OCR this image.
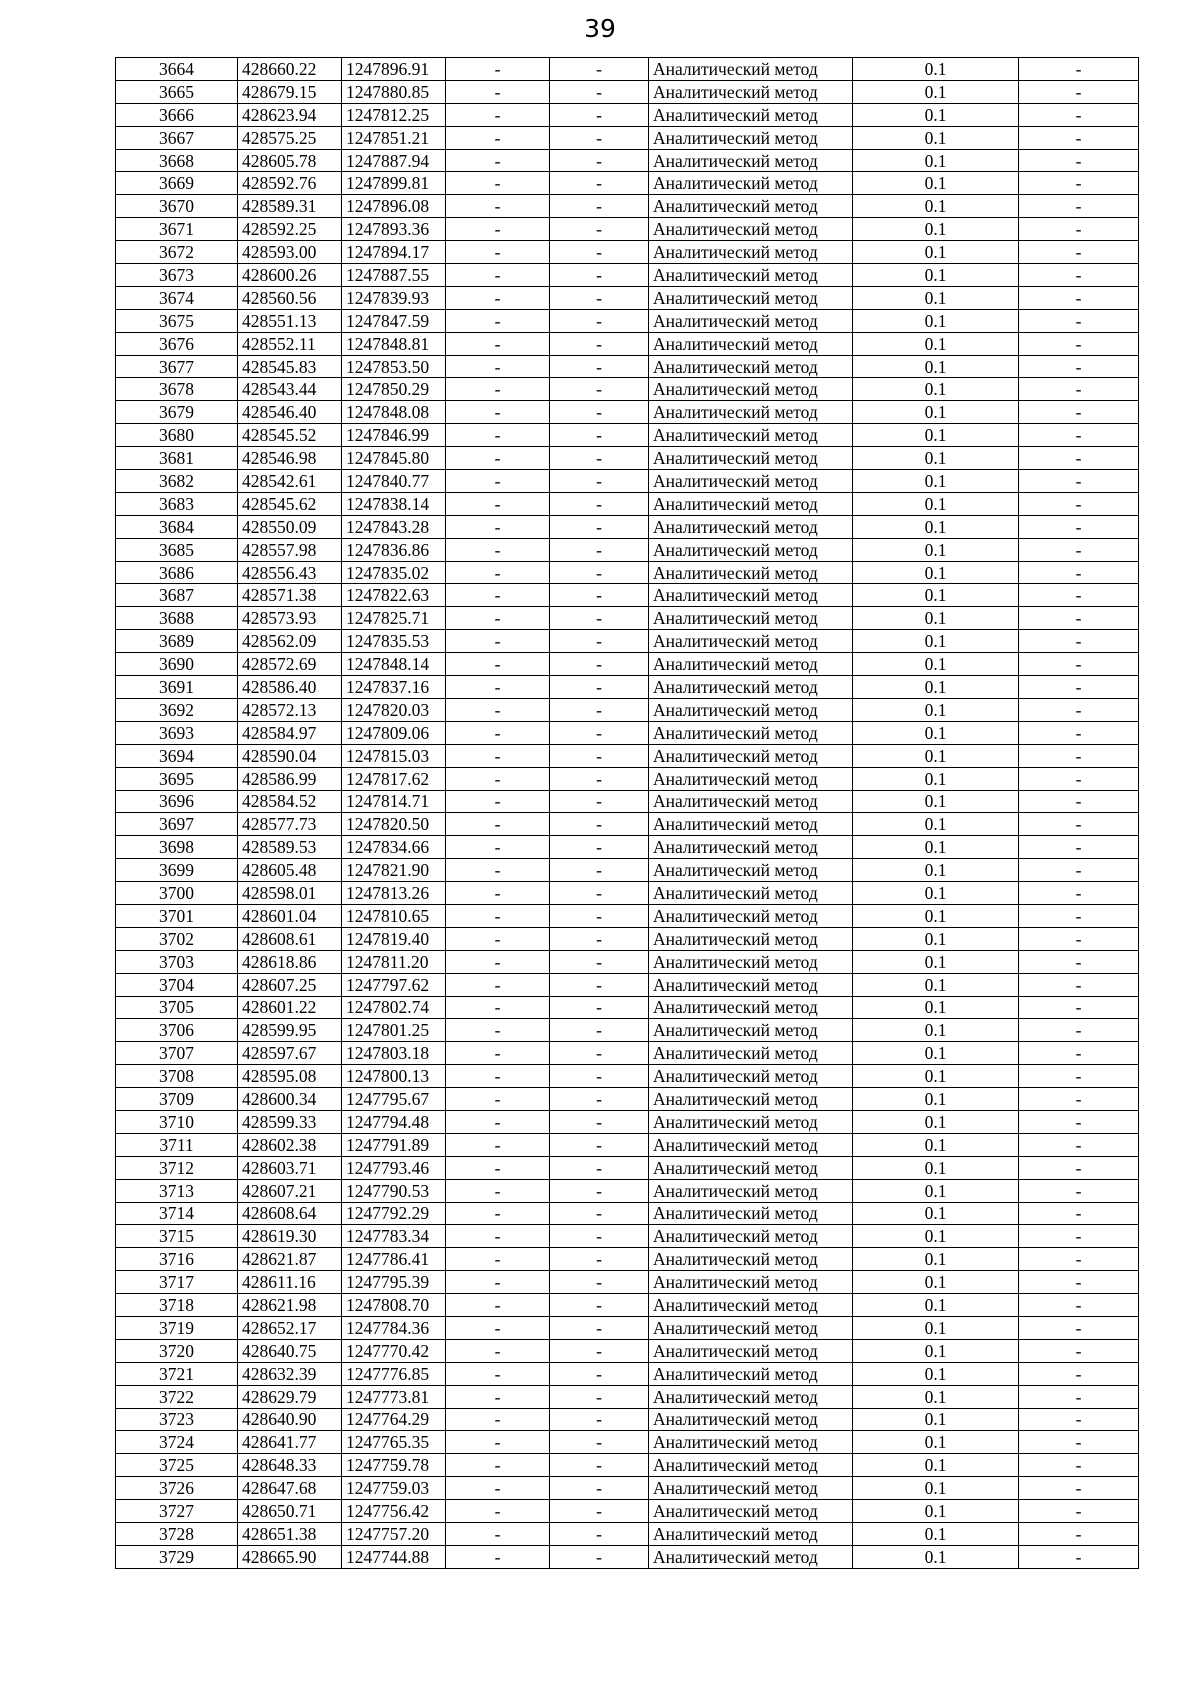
39
3664	428660.22	1247896.91	-	-	Аналитический метод	0.1	-
3665	428679.15	1247880.85	-	-	Аналитический метод	0.1	-
3666	428623.94	1247812.25	-	-	Аналитический метод	0.1	-
3667	428575.25	1247851.21	-	-	Аналитический метод	0.1	-
3668	428605.78	1247887.94	-	-	Аналитический метод	0.1	-
3669	428592.76	1247899.81	-	-	Аналитический метод	0.1	-
3670	428589.31	1247896.08	-	-	Аналитический метод	0.1	-
3671	428592.25	1247893.36	-	-	Аналитический метод	0.1	-
3672	428593.00	1247894.17	-	-	Аналитический метод	0.1	-
3673	428600.26	1247887.55	-	-	Аналитический метод	0.1	-
3674	428560.56	1247839.93	-	-	Аналитический метод	0.1	-
3675	428551.13	1247847.59	-	-	Аналитический метод	0.1	-
3676	428552.11	1247848.81	-	-	Аналитический метод	0.1	-
3677	428545.83	1247853.50	-	-	Аналитический метод	0.1	-
3678	428543.44	1247850.29	-	-	Аналитический метод	0.1	-
3679	428546.40	1247848.08	-	-	Аналитический метод	0.1	-
3680	428545.52	1247846.99	-	-	Аналитический метод	0.1	-
3681	428546.98	1247845.80	-	-	Аналитический метод	0.1	-
3682	428542.61	1247840.77	-	-	Аналитический метод	0.1	-
3683	428545.62	1247838.14	-	-	Аналитический метод	0.1	-
3684	428550.09	1247843.28	-	-	Аналитический метод	0.1	-
3685	428557.98	1247836.86	-	-	Аналитический метод	0.1	-
3686	428556.43	1247835.02	-	-	Аналитический метод	0.1	-
3687	428571.38	1247822.63	-	-	Аналитический метод	0.1	-
3688	428573.93	1247825.71	-	-	Аналитический метод	0.1	-
3689	428562.09	1247835.53	-	-	Аналитический метод	0.1	-
3690	428572.69	1247848.14	-	-	Аналитический метод	0.1	-
3691	428586.40	1247837.16	-	-	Аналитический метод	0.1	-
3692	428572.13	1247820.03	-	-	Аналитический метод	0.1	-
3693	428584.97	1247809.06	-	-	Аналитический метод	0.1	-
3694	428590.04	1247815.03	-	-	Аналитический метод	0.1	-
3695	428586.99	1247817.62	-	-	Аналитический метод	0.1	-
3696	428584.52	1247814.71	-	-	Аналитический метод	0.1	-
3697	428577.73	1247820.50	-	-	Аналитический метод	0.1	-
3698	428589.53	1247834.66	-	-	Аналитический метод	0.1	-
3699	428605.48	1247821.90	-	-	Аналитический метод	0.1	-
3700	428598.01	1247813.26	-	-	Аналитический метод	0.1	-
3701	428601.04	1247810.65	-	-	Аналитический метод	0.1	-
3702	428608.61	1247819.40	-	-	Аналитический метод	0.1	-
3703	428618.86	1247811.20	-	-	Аналитический метод	0.1	-
3704	428607.25	1247797.62	-	-	Аналитический метод	0.1	-
3705	428601.22	1247802.74	-	-	Аналитический метод	0.1	-
3706	428599.95	1247801.25	-	-	Аналитический метод	0.1	-
3707	428597.67	1247803.18	-	-	Аналитический метод	0.1	-
3708	428595.08	1247800.13	-	-	Аналитический метод	0.1	-
3709	428600.34	1247795.67	-	-	Аналитический метод	0.1	-
3710	428599.33	1247794.48	-	-	Аналитический метод	0.1	-
3711	428602.38	1247791.89	-	-	Аналитический метод	0.1	-
3712	428603.71	1247793.46	-	-	Аналитический метод	0.1	-
3713	428607.21	1247790.53	-	-	Аналитический метод	0.1	-
3714	428608.64	1247792.29	-	-	Аналитический метод	0.1	-
3715	428619.30	1247783.34	-	-	Аналитический метод	0.1	-
3716	428621.87	1247786.41	-	-	Аналитический метод	0.1	-
3717	428611.16	1247795.39	-	-	Аналитический метод	0.1	-
3718	428621.98	1247808.70	-	-	Аналитический метод	0.1	-
3719	428652.17	1247784.36	-	-	Аналитический метод	0.1	-
3720	428640.75	1247770.42	-	-	Аналитический метод	0.1	-
3721	428632.39	1247776.85	-	-	Аналитический метод	0.1	-
3722	428629.79	1247773.81	-	-	Аналитический метод	0.1	-
3723	428640.90	1247764.29	-	-	Аналитический метод	0.1	-
3724	428641.77	1247765.35	-	-	Аналитический метод	0.1	-
3725	428648.33	1247759.78	-	-	Аналитический метод	0.1	-
3726	428647.68	1247759.03	-	-	Аналитический метод	0.1	-
3727	428650.71	1247756.42	-	-	Аналитический метод	0.1	-
3728	428651.38	1247757.20	-	-	Аналитический метод	0.1	-
3729	428665.90	1247744.88	-	-	Аналитический метод	0.1	-
